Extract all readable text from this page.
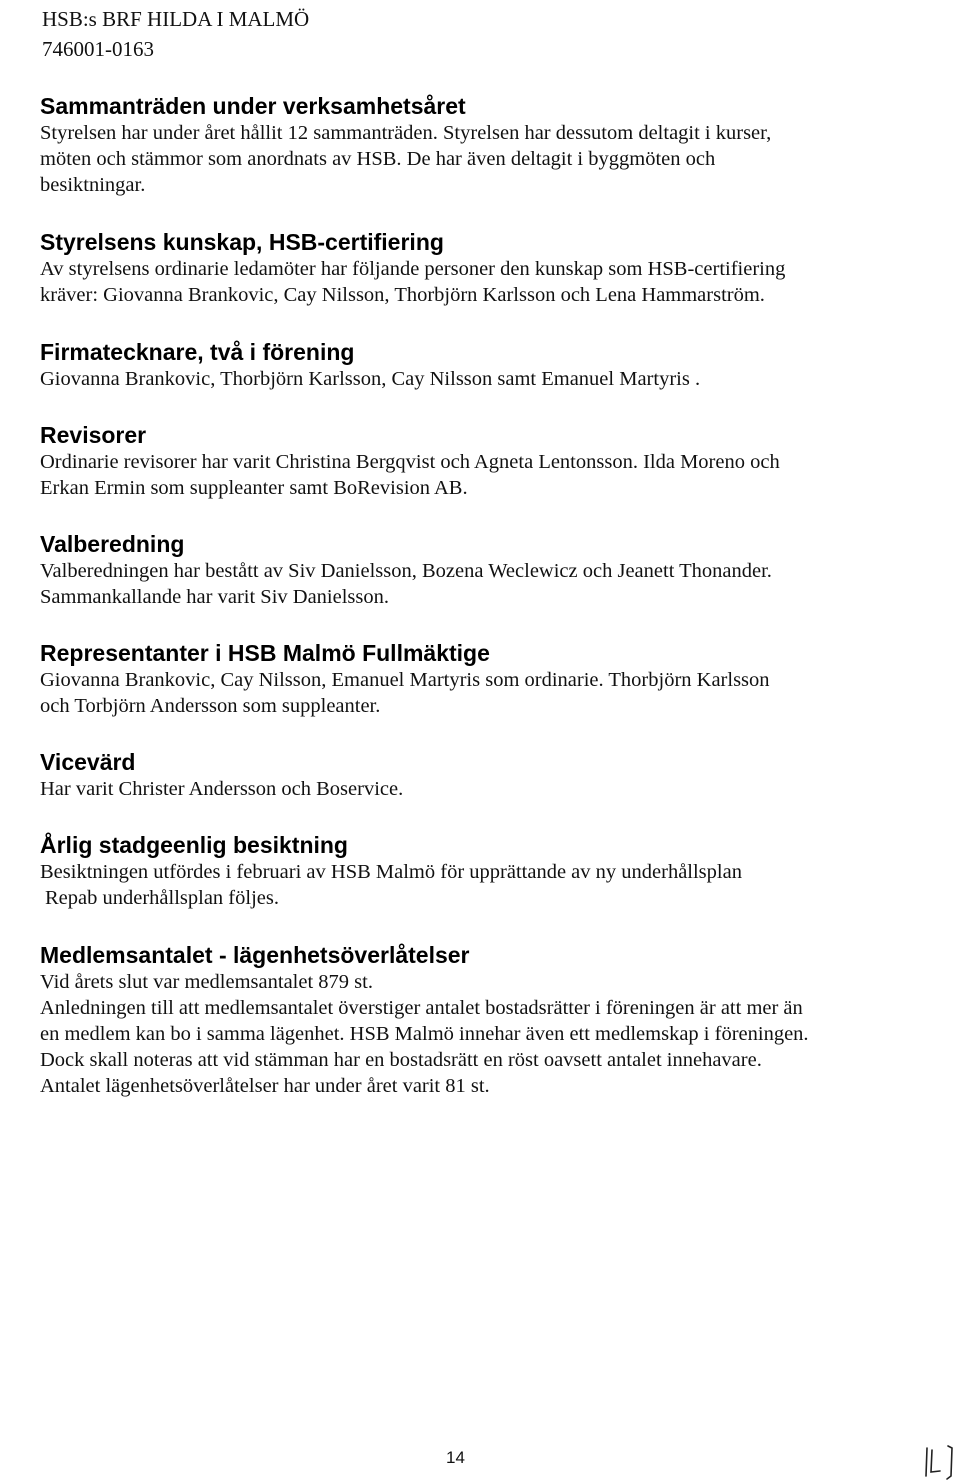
HSB:s BRF HILDA I MALMÖ
746001-0163
Sammanträden under verksamhetsåret
Styrelsen har under året hållit 12 sammanträden. Styrelsen har dessutom deltagit i kurser,
möten och stämmor som anordnats av HSB. De har även deltagit i byggmöten och
besiktningar.
Styrelsens kunskap, HSB-certifiering
Av styrelsens ordinarie ledamöter har följande personer den kunskap som HSB-certifiering
kräver: Giovanna Brankovic, Cay Nilsson, Thorbjörn Karlsson och Lena Hammarström.
Firmatecknare, två i förening
Giovanna Brankovic, Thorbjörn Karlsson, Cay Nilsson samt Emanuel Martyris .
Revisorer
Ordinarie revisorer har varit Christina Bergqvist och Agneta Lentonsson. Ilda Moreno och
Erkan Ermin som suppleanter samt BoRevision AB.
Valberedning
Valberedningen har bestått av Siv Danielsson, Bozena Weclewicz och Jeanett Thonander.
Sammankallande har varit Siv Danielsson.
Representanter i HSB Malmö Fullmäktige
Giovanna Brankovic, Cay Nilsson, Emanuel Martyris som ordinarie. Thorbjörn Karlsson
och Torbjörn Andersson som suppleanter.
Vicevärd
Har varit Christer Andersson och Boservice.
Årlig stadgeenlig besiktning
Besiktningen utfördes i februari av HSB Malmö för upprättande av ny underhållsplan
Repab underhållsplan följes.
Medlemsantalet - lägenhetsöverlåtelser
Vid årets slut var medlemsantalet 879 st.
Anledningen till att medlemsantalet överstiger antalet bostadsrätter i föreningen är att mer än
en medlem kan bo i samma lägenhet. HSB Malmö innehar även ett medlemskap i föreningen.
Dock skall noteras att vid stämman har en bostadsrätt en röst oavsett antalet innehavare.
Antalet lägenhetsöverlåtelser har under året varit 81 st.
14
